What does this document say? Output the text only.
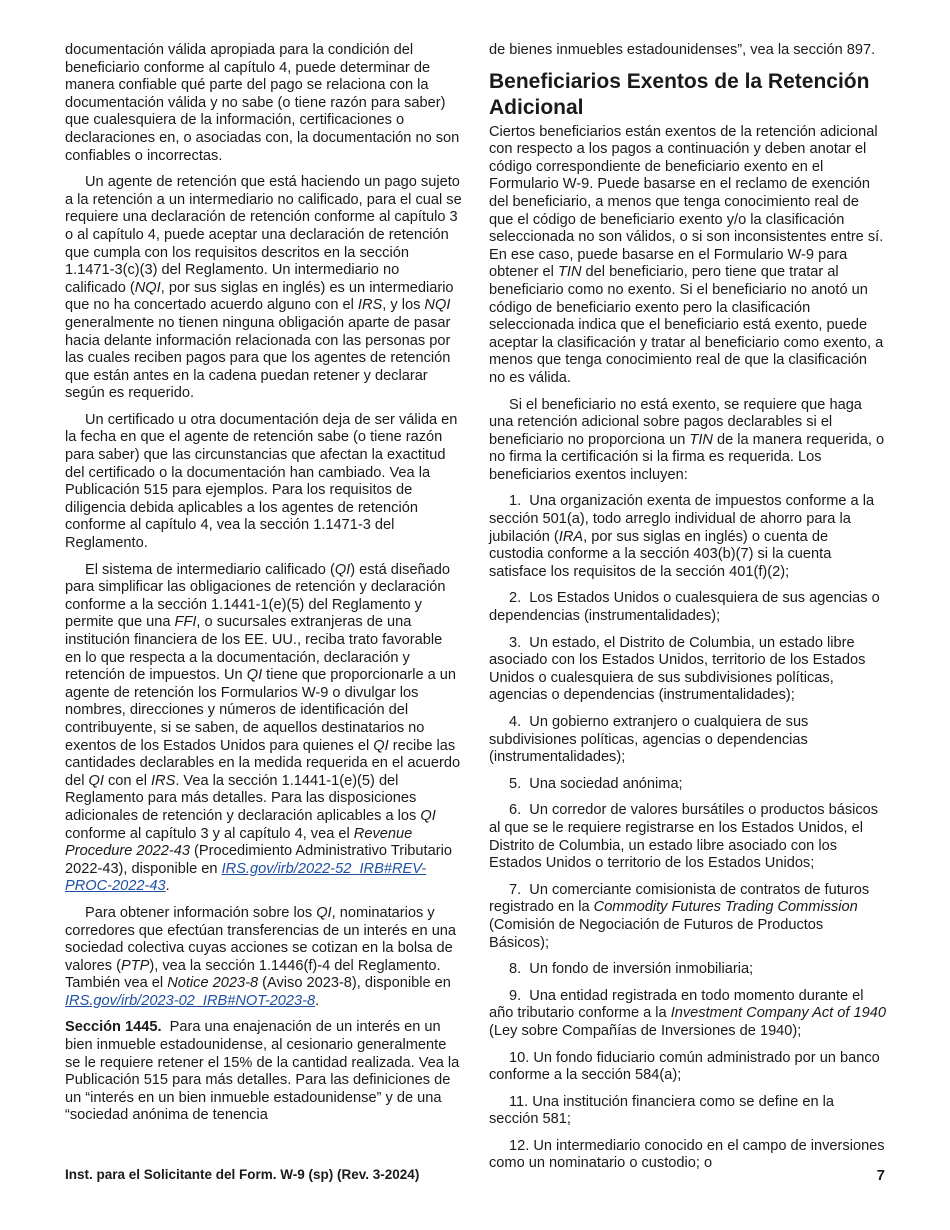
documentación válida apropiada para la condición del beneficiario conforme al capítulo 4, puede determinar de manera confiable qué parte del pago se relaciona con la documentación válida y no sabe (o tiene razón para saber) que cualesquiera de la información, certificaciones o declaraciones en, o asociadas con, la documentación no son confiables o incorrectas.

Un agente de retención que está haciendo un pago sujeto a la retención a un intermediario no calificado, para el cual se requiere una declaración de retención conforme al capítulo 3 o al capítulo 4, puede aceptar una declaración de retención que cumpla con los requisitos descritos en la sección 1.1471-3(c)(3) del Reglamento. Un intermediario no calificado (NQI, por sus siglas en inglés) es un intermediario que no ha concertado acuerdo alguno con el IRS, y los NQI generalmente no tienen ninguna obligación aparte de pasar hacia delante información relacionada con las personas por las cuales reciben pagos para que los agentes de retención que están antes en la cadena puedan retener y declarar según es requerido.

Un certificado u otra documentación deja de ser válida en la fecha en que el agente de retención sabe (o tiene razón para saber) que las circunstancias que afectan la exactitud del certificado o la documentación han cambiado. Vea la Publicación 515 para ejemplos. Para los requisitos de diligencia debida aplicables a los agentes de retención conforme al capítulo 4, vea la sección 1.1471-3 del Reglamento.

El sistema de intermediario calificado (QI) está diseñado para simplificar las obligaciones de retención y declaración conforme a la sección 1.1441-1(e)(5) del Reglamento y permite que una FFI, o sucursales extranjeras de una institución financiera de los EE. UU., reciba trato favorable en lo que respecta a la documentación, declaración y retención de impuestos. Un QI tiene que proporcionarle a un agente de retención los Formularios W-9 o divulgar los nombres, direcciones y números de identificación del contribuyente, si se saben, de aquellos destinatarios no exentos de los Estados Unidos para quienes el QI recibe las cantidades declarables en la medida requerida en el acuerdo del QI con el IRS. Vea la sección 1.1441-1(e)(5) del Reglamento para más detalles. Para las disposiciones adicionales de retención y declaración aplicables a los QI conforme al capítulo 3 y al capítulo 4, vea el Revenue Procedure 2022-43 (Procedimiento Administrativo Tributario 2022-43), disponible en IRS.gov/irb/2022-52_IRB#REV-PROC-2022-43.

Para obtener información sobre los QI, nominatarios y corredores que efectúan transferencias de un interés en una sociedad colectiva cuyas acciones se cotizan en la bolsa de valores (PTP), vea la sección 1.1446(f)-4 del Reglamento. También vea el Notice 2023-8 (Aviso 2023-8), disponible en IRS.gov/irb/2023-02_IRB#NOT-2023-8.

Sección 1445. Para una enajenación de un interés en un bien inmueble estadounidense, al cesionario generalmente se le requiere retener el 15% de la cantidad realizada. Vea la Publicación 515 para más detalles. Para las definiciones de un “interés en un bien inmueble estadounidense” y de una “sociedad anónima de tenencia

de bienes inmuebles estadounidenses”, vea la sección 897.

Beneficiarios Exentos de la Retención Adicional

Ciertos beneficiarios están exentos de la retención adicional con respecto a los pagos a continuación y deben anotar el código correspondiente de beneficiario exento en el Formulario W-9. Puede basarse en el reclamo de exención del beneficiario, a menos que tenga conocimiento real de que el código de beneficiario exento y/o la clasificación seleccionada no son válidos, o si son inconsistentes entre sí. En ese caso, puede basarse en el Formulario W-9 para obtener el TIN del beneficiario, pero tiene que tratar al beneficiario como no exento. Si el beneficiario no anotó un código de beneficiario exento pero la clasificación seleccionada indica que el beneficiario está exento, puede aceptar la clasificación y tratar al beneficiario como exento, a menos que tenga conocimiento real de que la clasificación no es válida.

Si el beneficiario no está exento, se requiere que haga una retención adicional sobre pagos declarables si el beneficiario no proporciona un TIN de la manera requerida, o no firma la certificación si la firma es requerida. Los beneficiarios exentos incluyen:

1.  Una organización exenta de impuestos conforme a la sección 501(a), todo arreglo individual de ahorro para la jubilación (IRA, por sus siglas en inglés) o cuenta de custodia conforme a la sección 403(b)(7) si la cuenta satisface los requisitos de la sección 401(f)(2);

2.  Los Estados Unidos o cualesquiera de sus agencias o dependencias (instrumentalidades);

3.  Un estado, el Distrito de Columbia, un estado libre asociado con los Estados Unidos, territorio de los Estados Unidos o cualesquiera de sus subdivisiones políticas, agencias o dependencias (instrumentalidades);

4.  Un gobierno extranjero o cualquiera de sus subdivisiones políticas, agencias o dependencias (instrumentalidades);

5.  Una sociedad anónima;

6.  Un corredor de valores bursátiles o productos básicos al que se le requiere registrarse en los Estados Unidos, el Distrito de Columbia, un estado libre asociado con los Estados Unidos o territorio de los Estados Unidos;

7.  Un comerciante comisionista de contratos de futuros registrado en la Commodity Futures Trading Commission (Comisión de Negociación de Futuros de Productos Básicos);

8.  Un fondo de inversión inmobiliaria;

9.  Una entidad registrada en todo momento durante el año tributario conforme a la Investment Company Act of 1940 (Ley sobre Compañías de Inversiones de 1940);

10. Un fondo fiduciario común administrado por un banco conforme a la sección 584(a);

11. Una institución financiera como se define en la sección 581;

12. Un intermediario conocido en el campo de inversiones como un nominatario o custodio; o

Inst. para el Solicitante del Form. W-9 (sp) (Rev. 3-2024)	7
